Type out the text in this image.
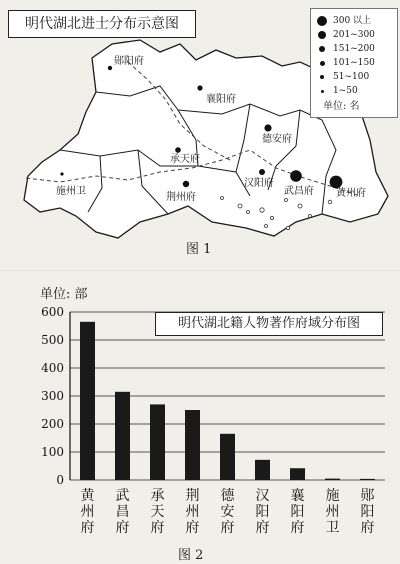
明代湖北进士分布示意图	300 以上
201~300
151~200
101~150
51~100
1~50
单位: 名
郧阳府
襄阳府
德安府
承天府
汉阳府
武昌府 黄州府
施州卫
荆州府
图 1
单位: 部
0
100
200
300
400
500
600
黄
州
府
武
昌
府
承
天
府
荆
州
府
德
安
府
汉
阳
府
襄
阳
府
施
州
卫
郧
阳
府
明代湖北籍人物著作府域分布图
图 2
